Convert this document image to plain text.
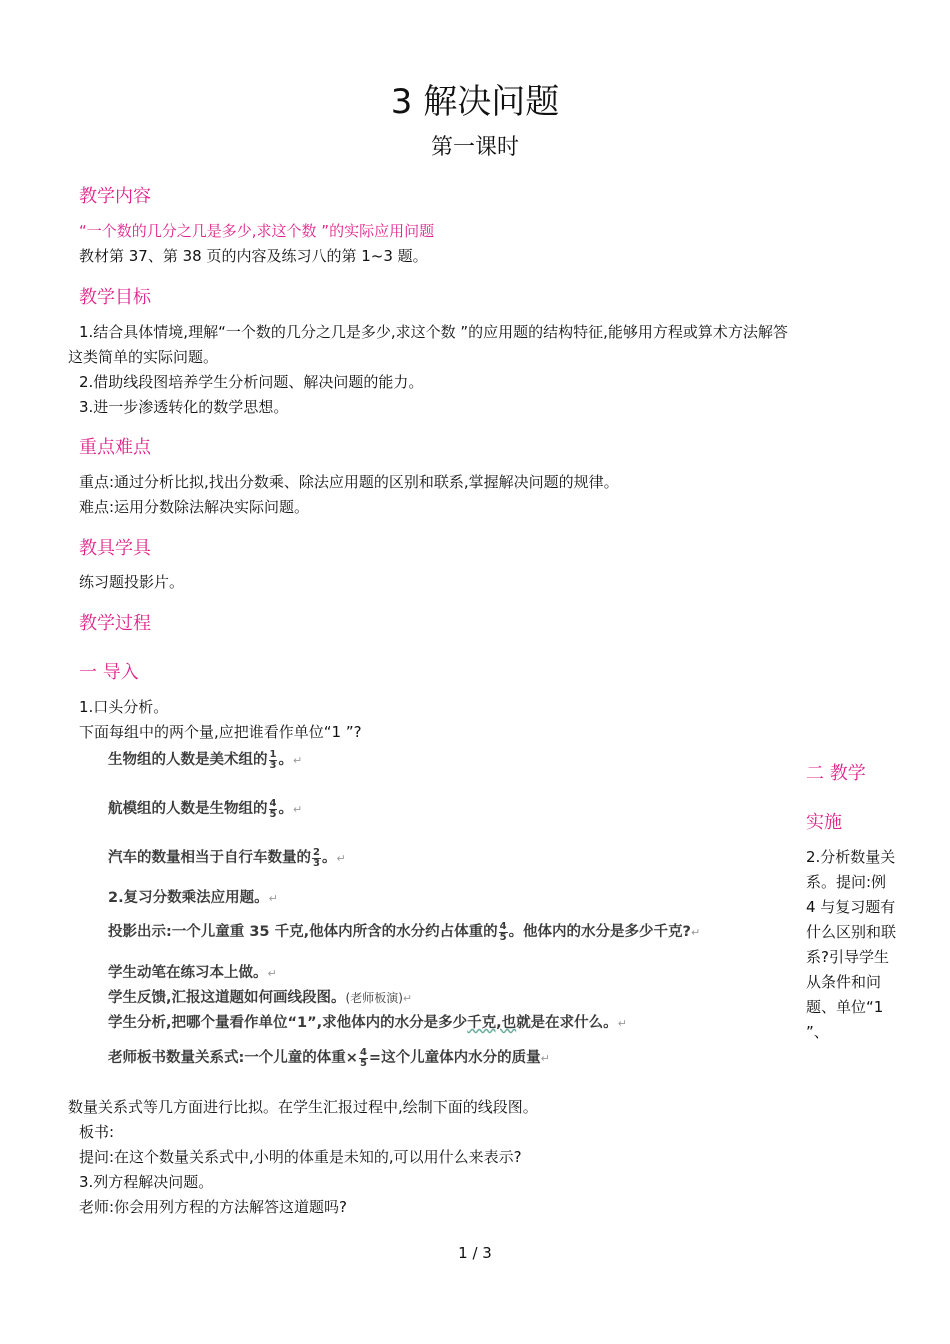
3 解决问题
第一课时
教学内容
“一个数的几分之几是多少,求这个数 ”的实际应用问题
教材第 37、第 38 页的内容及练习八的第 1~3 题。
教学目标
1.结合具体情境,理解“一个数的几分之几是多少,求这个数 ”的应用题的结构特征,能够用方程或算术方法解答
这类简单的实际问题。
2.借助线段图培养学生分析问题、解决问题的能力。
3.进一步渗透转化的数学思想。
重点难点
重点:通过分析比拟,找出分数乘、除法应用题的区别和联系,掌握解决问题的规律。
难点:运用分数除法解决实际问题。
教具学具
练习题投影片。
教学过程
一 导入
1.口头分析。
下面每组中的两个量,应把谁看作单位“1 ”?
生物组的人数是美术组的 $\frac{1}{3}$ 。↵
航模组的人数是生物组的 $\frac{4}{5}$ 。↵
汽车的数量相当于自行车数量的 $\frac{2}{3}$ 。↵
2.复习分数乘法应用题。↵
投影出示:一个儿童重 35 千克,他体内所含的水分约占体重的 $\frac{4}{5}$ 。他体内的水分是多少千克?↵
学生动笔在练习本上做。↵
学生反馈,汇报这道题如何画线段图。(老师板演)↵
学生分析,把哪个量看作单位“1”,求他体内的水分是多少千克,也就是在求什么。↵
老师板书数量关系式:一个儿童的体重× $\frac{4}{5}$ =这个儿童体内水分的质量↵
二 教学
实施
2.分析数量关系。提问:例 4 与复习题有什么区别和联系?引导学生从条件和问题、单位“1 ”、
数量关系式等几方面进行比拟。在学生汇报过程中,绘制下面的线段图。
板书:
提问:在这个数量关系式中,小明的体重是未知的,可以用什么来表示?
3.列方程解决问题。
老师:你会用列方程的方法解答这道题吗?
1 / 3
